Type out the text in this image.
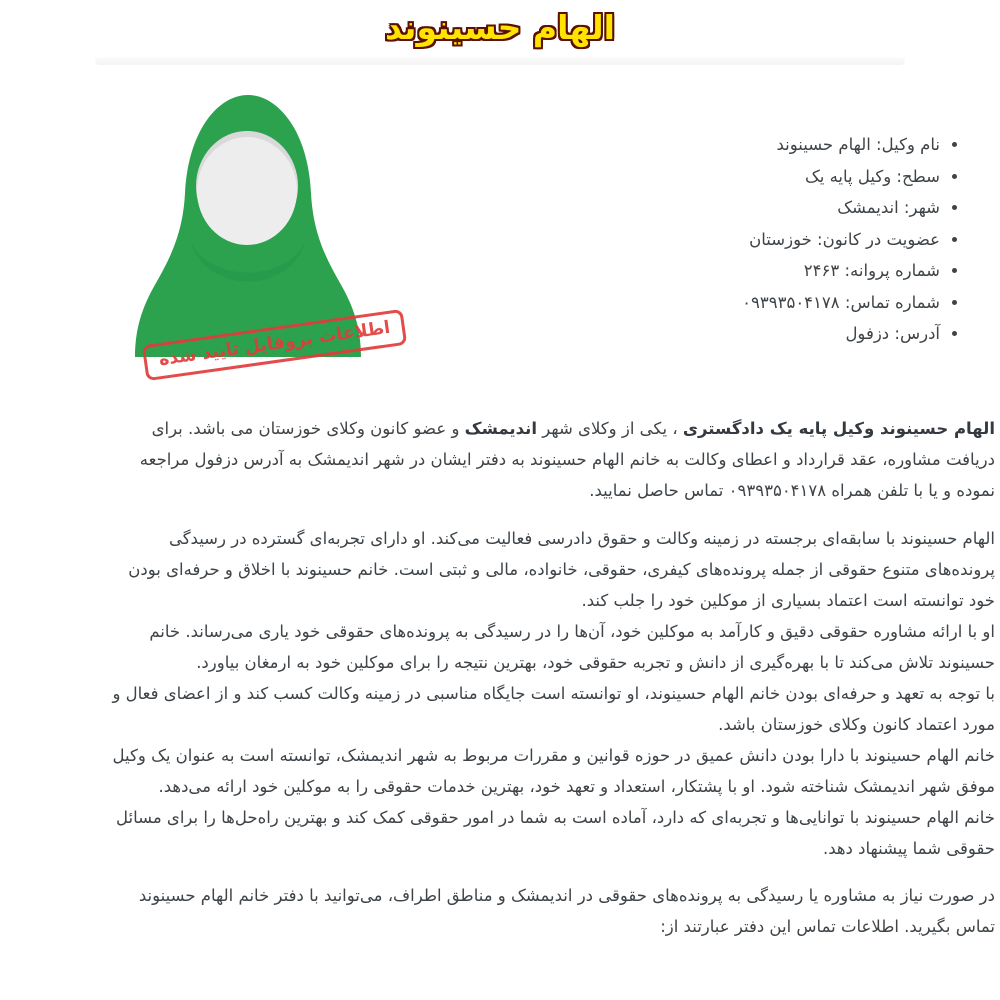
الهام حسینوند
اطلاعات پروفایل تایید شده
• نام وکیل: الهام حسینوند
• سطح: وکیل پایه یک
• شهر: اندیمشک
• عضویت در کانون: خوزستان
• شماره پروانه: ۲۴۶۳
• شماره تماس: ۰۹۳۹۳۵۰۴۱۷۸
• آدرس: دزفول

الهام حسینوند وکیل پایه یک دادگستری ، یکی از وکلای شهر اندیمشک و عضو کانون وکلای خوزستان می باشد. برای دریافت مشاوره، عقد قرارداد و اعطای وکالت به خانم الهام حسینوند به دفتر ایشان در شهر اندیمشک به آدرس دزفول مراجعه نموده و یا با تلفن همراه ۰۹۳۹۳۵۰۴۱۷۸ تماس حاصل نمایید.

الهام حسینوند با سابقه‌ای برجسته در زمینه وکالت و حقوق دادرسی فعالیت می‌کند. او دارای تجربه‌ای گسترده در رسیدگی پرونده‌های متنوع حقوقی از جمله پرونده‌های کیفری، حقوقی، خانواده، مالی و ثبتی است. خانم حسینوند با اخلاق و حرفه‌ای بودن خود توانسته است اعتماد بسیاری از موکلین خود را جلب کند.

او با ارائه مشاوره حقوقی دقیق و کارآمد به موکلین خود، آن‌ها را در رسیدگی به پرونده‌های حقوقی خود یاری می‌رساند. خانم حسینوند تلاش می‌کند تا با بهره‌گیری از دانش و تجربه حقوقی خود، بهترین نتیجه را برای موکلین خود به ارمغان بیاورد.

با توجه به تعهد و حرفه‌ای بودن خانم الهام حسینوند، او توانسته است جایگاه مناسبی در زمینه وکالت کسب کند و از اعضای فعال و مورد اعتماد کانون وکلای خوزستان باشد.

خانم الهام حسینوند با دارا بودن دانش عمیق در حوزه قوانین و مقررات مربوط به شهر اندیمشک، توانسته است به عنوان یک وکیل موفق شهر اندیمشک شناخته شود. او با پشتکار، استعداد و تعهد خود، بهترین خدمات حقوقی را به موکلین خود ارائه می‌دهد.

خانم الهام حسینوند با توانایی‌ها و تجربه‌ای که دارد، آماده است به شما در امور حقوقی کمک کند و بهترین راه‌حل‌ها را برای مسائل حقوقی شما پیشنهاد دهد.

در صورت نیاز به مشاوره یا رسیدگی به پرونده‌های حقوقی در اندیمشک و مناطق اطراف، می‌توانید با دفتر خانم الهام حسینوند تماس بگیرید. اطلاعات تماس این دفتر عبارتند از:
